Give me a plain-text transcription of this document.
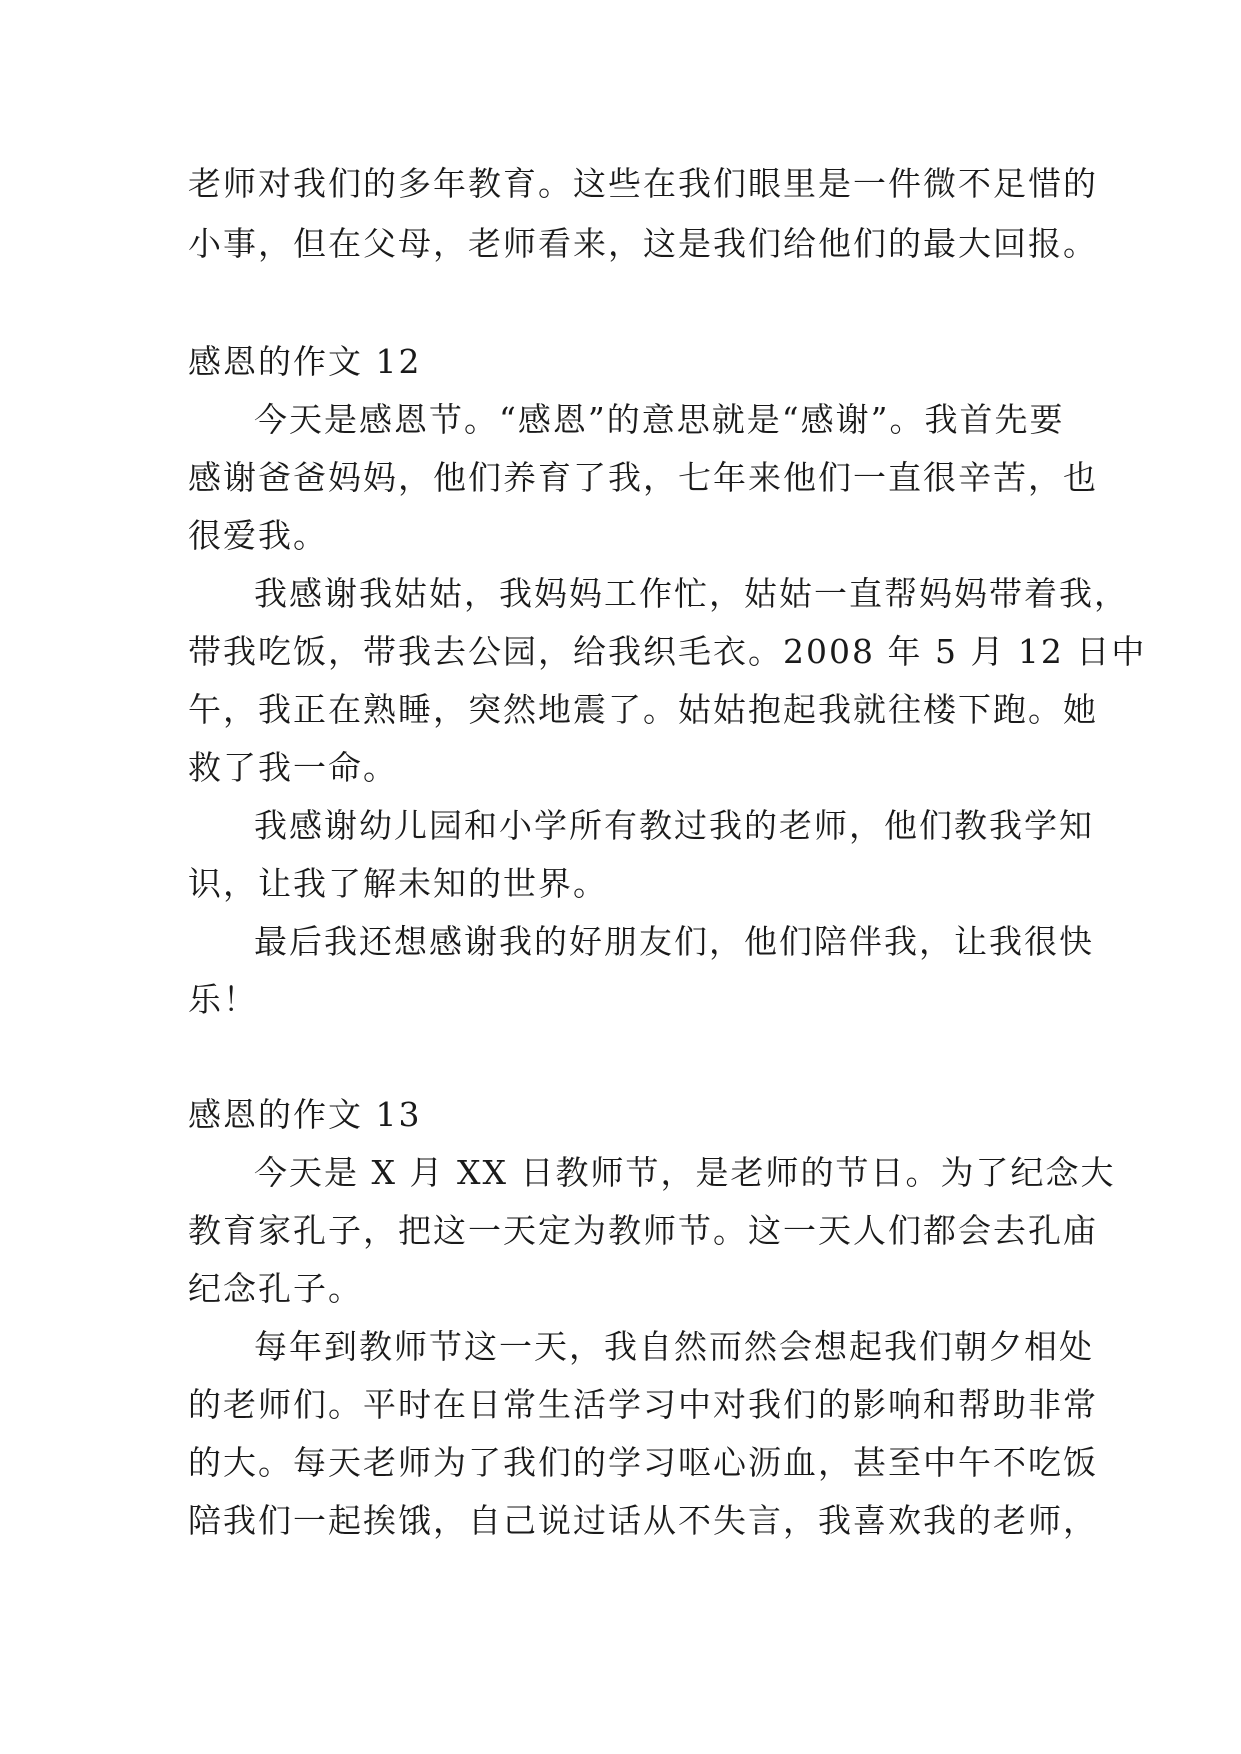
老师对我们的多年教育。这些在我们眼里是一件微不足惜的
小事，但在父母，老师看来，这是我们给他们的最大回报。
感恩的作文 12
今天是感恩节。“感恩”的意思就是“感谢”。我首先要
感谢爸爸妈妈，他们养育了我，七年来他们一直很辛苦，也
很爱我。
我感谢我姑姑，我妈妈工作忙，姑姑一直帮妈妈带着我，
带我吃饭，带我去公园，给我织毛衣。2008 年 5 月 12 日中
午，我正在熟睡，突然地震了。姑姑抱起我就往楼下跑。她
救了我一命。
我感谢幼儿园和小学所有教过我的老师，他们教我学知
识，让我了解未知的世界。
最后我还想感谢我的好朋友们，他们陪伴我，让我很快
乐！
感恩的作文 13
今天是 X 月 XX 日教师节，是老师的节日。为了纪念大
教育家孔子，把这一天定为教师节。这一天人们都会去孔庙
纪念孔子。
每年到教师节这一天，我自然而然会想起我们朝夕相处
的老师们。平时在日常生活学习中对我们的影响和帮助非常
的大。每天老师为了我们的学习呕心沥血，甚至中午不吃饭
陪我们一起挨饿，自己说过话从不失言，我喜欢我的老师，
